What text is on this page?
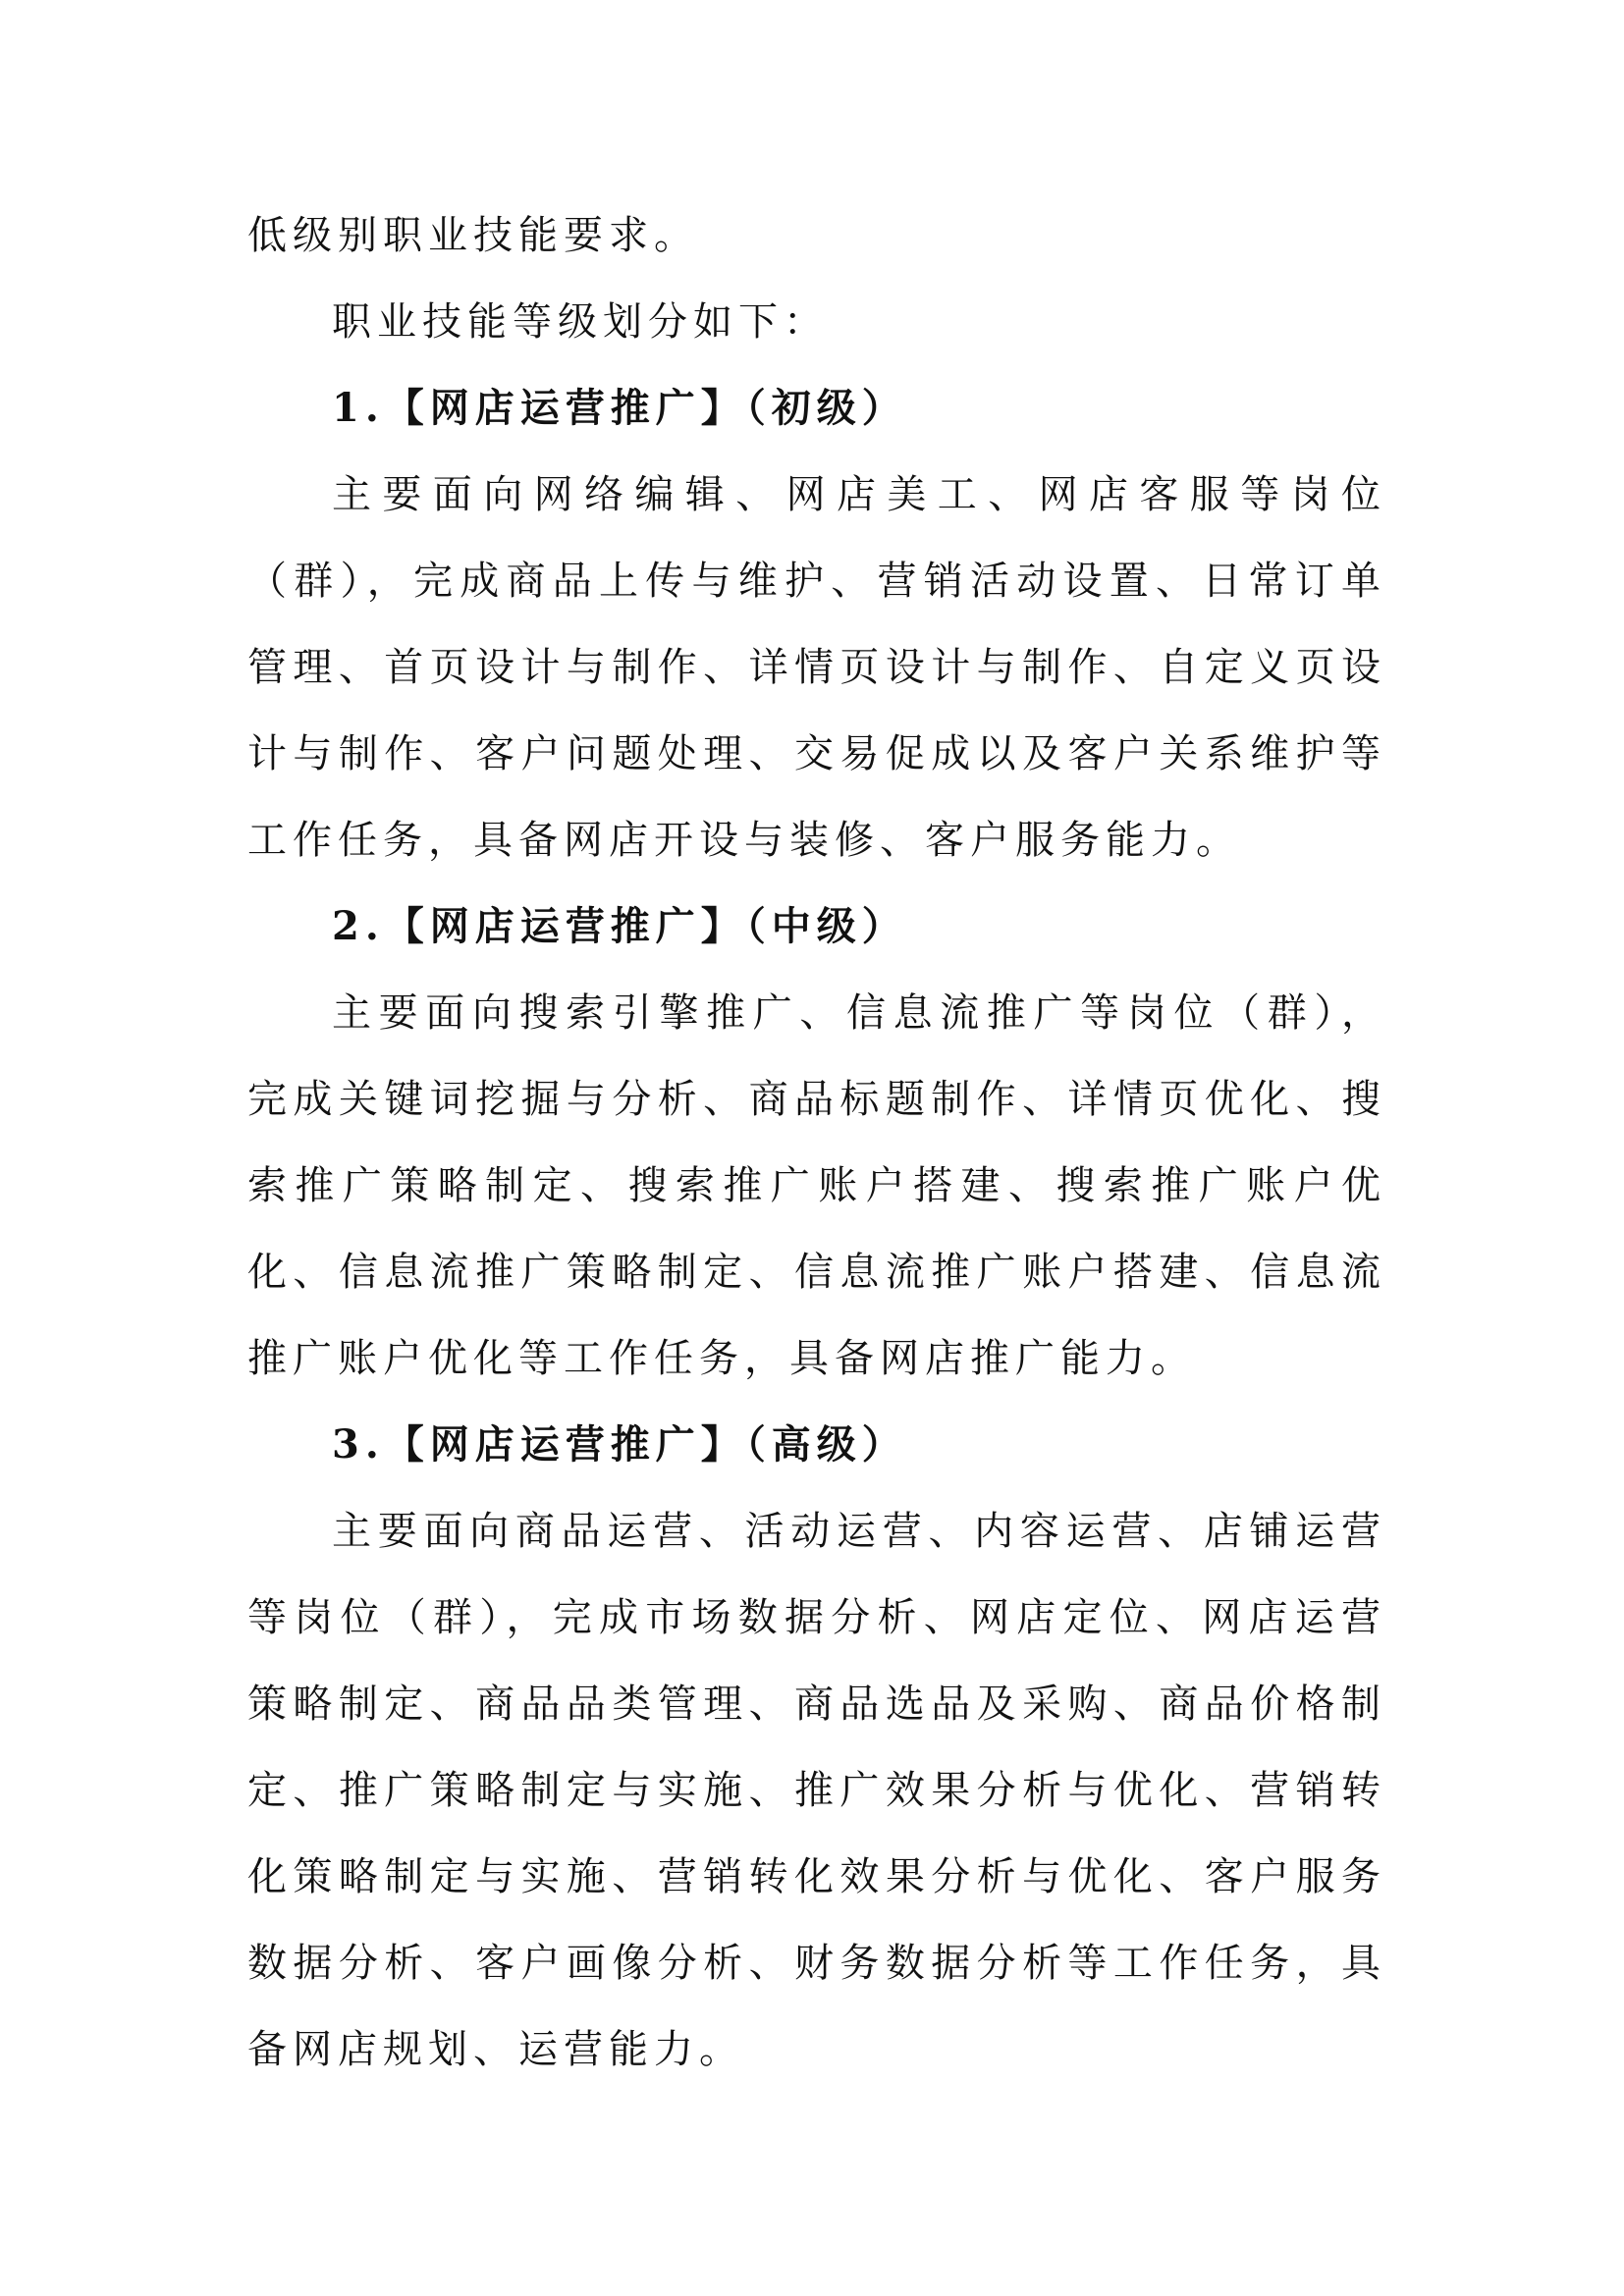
低级别职业技能要求。

职业技能等级划分如下：

1.【网店运营推广】（初级）

主要面向网络编辑、网店美工、网店客服等岗位（群），完成商品上传与维护、营销活动设置、日常订单管理、首页设计与制作、详情页设计与制作、自定义页设计与制作、客户问题处理、交易促成以及客户关系维护等工作任务，具备网店开设与装修、客户服务能力。

2.【网店运营推广】（中级）

主要面向搜索引擎推广、信息流推广等岗位（群），完成关键词挖掘与分析、商品标题制作、详情页优化、搜索推广策略制定、搜索推广账户搭建、搜索推广账户优化、信息流推广策略制定、信息流推广账户搭建、信息流推广账户优化等工作任务，具备网店推广能力。

3.【网店运营推广】（高级）

主要面向商品运营、活动运营、内容运营、店铺运营等岗位（群），完成市场数据分析、网店定位、网店运营策略制定、商品品类管理、商品选品及采购、商品价格制定、推广策略制定与实施、推广效果分析与优化、营销转化策略制定与实施、营销转化效果分析与优化、客户服务数据分析、客户画像分析、财务数据分析等工作任务，具备网店规划、运营能力。
